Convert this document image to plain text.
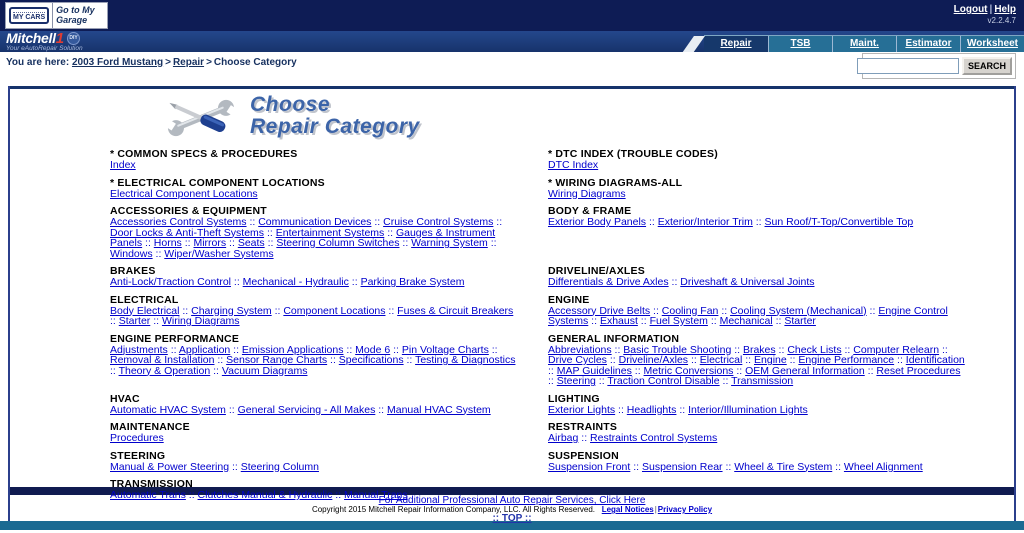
MY CARS
Go to My Garage
Logout | Help
v2.2.4.7
Mitchell 1	DIY
Your eAutoRepair Solution	Repair	TSB	Maint.	Estimator	Worksheet
You are here: 2003 Ford Mustang > Repair > Choose Category	SEARCH
Choose
Repair Category
* COMMON SPECS & PROCEDURES
Index
* DTC INDEX (TROUBLE CODES)
DTC Index
* ELECTRICAL COMPONENT LOCATIONS
Electrical Component Locations
* WIRING DIAGRAMS-ALL
Wiring Diagrams
ACCESSORIES & EQUIPMENT
Accessories Control Systems :: Communication Devices :: Cruise Control Systems :: Door Locks & Anti-Theft Systems :: Entertainment Systems :: Gauges & Instrument Panels :: Horns :: Mirrors :: Seats :: Steering Column Switches :: Warning System :: Windows :: Wiper/Washer Systems
BODY & FRAME
Exterior Body Panels :: Exterior/Interior Trim :: Sun Roof/T-Top/Convertible Top
BRAKES
Anti-Lock/Traction Control :: Mechanical - Hydraulic :: Parking Brake System
DRIVELINE/AXLES
Differentials & Drive Axles :: Driveshaft & Universal Joints
ELECTRICAL
Body Electrical :: Charging System :: Component Locations :: Fuses & Circuit Breakers :: Starter :: Wiring Diagrams
ENGINE
Accessory Drive Belts :: Cooling Fan :: Cooling System (Mechanical) :: Engine Control Systems :: Exhaust :: Fuel System :: Mechanical :: Starter
ENGINE PERFORMANCE
Adjustments :: Application :: Emission Applications :: Mode 6 :: Pin Voltage Charts :: Removal & Installation :: Sensor Range Charts :: Specifications :: Testing & Diagnostics :: Theory & Operation :: Vacuum Diagrams
GENERAL INFORMATION
Abbreviations :: Basic Trouble Shooting :: Brakes :: Check Lists :: Computer Relearn :: Drive Cycles :: Driveline/Axles :: Electrical :: Engine :: Engine Performance :: Identification :: MAP Guidelines :: Metric Conversions :: OEM General Information :: Reset Procedures :: Steering :: Traction Control Disable :: Transmission
HVAC
Automatic HVAC System :: General Servicing - All Makes :: Manual HVAC System
LIGHTING
Exterior Lights :: Headlights :: Interior/Illumination Lights
MAINTENANCE
Procedures
RESTRAINTS
Airbag :: Restraints Control Systems
STEERING
Manual & Power Steering :: Steering Column
SUSPENSION
Suspension Front :: Suspension Rear :: Wheel & Tire System :: Wheel Alignment
TRANSMISSION
Automatic Trans :: Clutches Manual & Hydraulic :: Manual Trans
For Additional Professional Auto Repair Services, Click Here
Copyright 2015 Mitchell Repair Information Company, LLC. All Rights Reserved. Legal Notices|Privacy Policy
:: TOP ::
